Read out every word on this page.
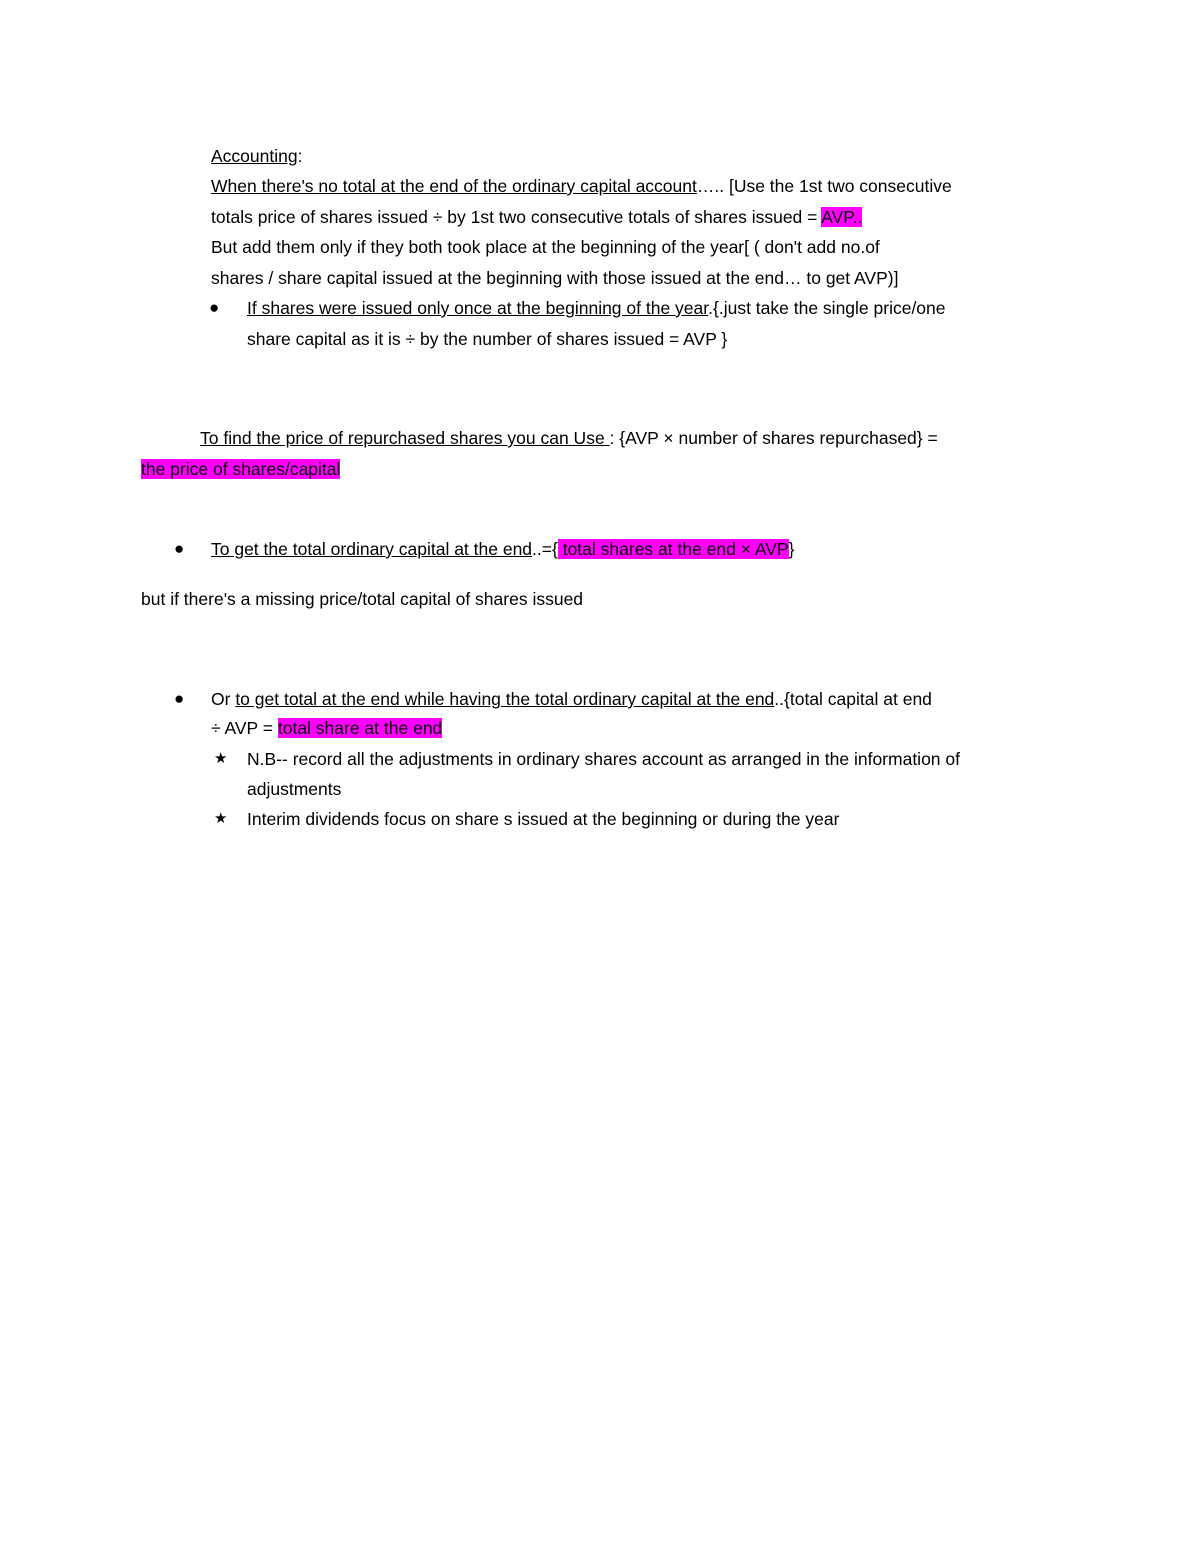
Accounting:
When there's no total at the end of the ordinary capital account….. [Use the 1st two consecutive
totals price of shares issued ÷ by 1st two consecutive totals of shares issued = AVP..
But add them only if they both took place at the beginning of the year[ ( don't add no.of
shares / share capital issued at the beginning with those issued at the end… to get AVP)]
● If shares were issued only once at the beginning of the year.{.just take the single price/one
share capital as it is ÷ by the number of shares issued = AVP }
To find the price of repurchased shares you can Use : {AVP × number of shares repurchased} =
the price of shares/capital
● To get the total ordinary capital at the end..={ total shares at the end × AVP}
but if there's a missing price/total capital of shares issued
● Or to get total at the end while having the total ordinary capital at the end..{total capital at end
÷ AVP = total share at the end
★ N.B-- record all the adjustments in ordinary shares account as arranged in the information of
adjustments
★ Interim dividends focus on share s issued at the beginning or during the year
